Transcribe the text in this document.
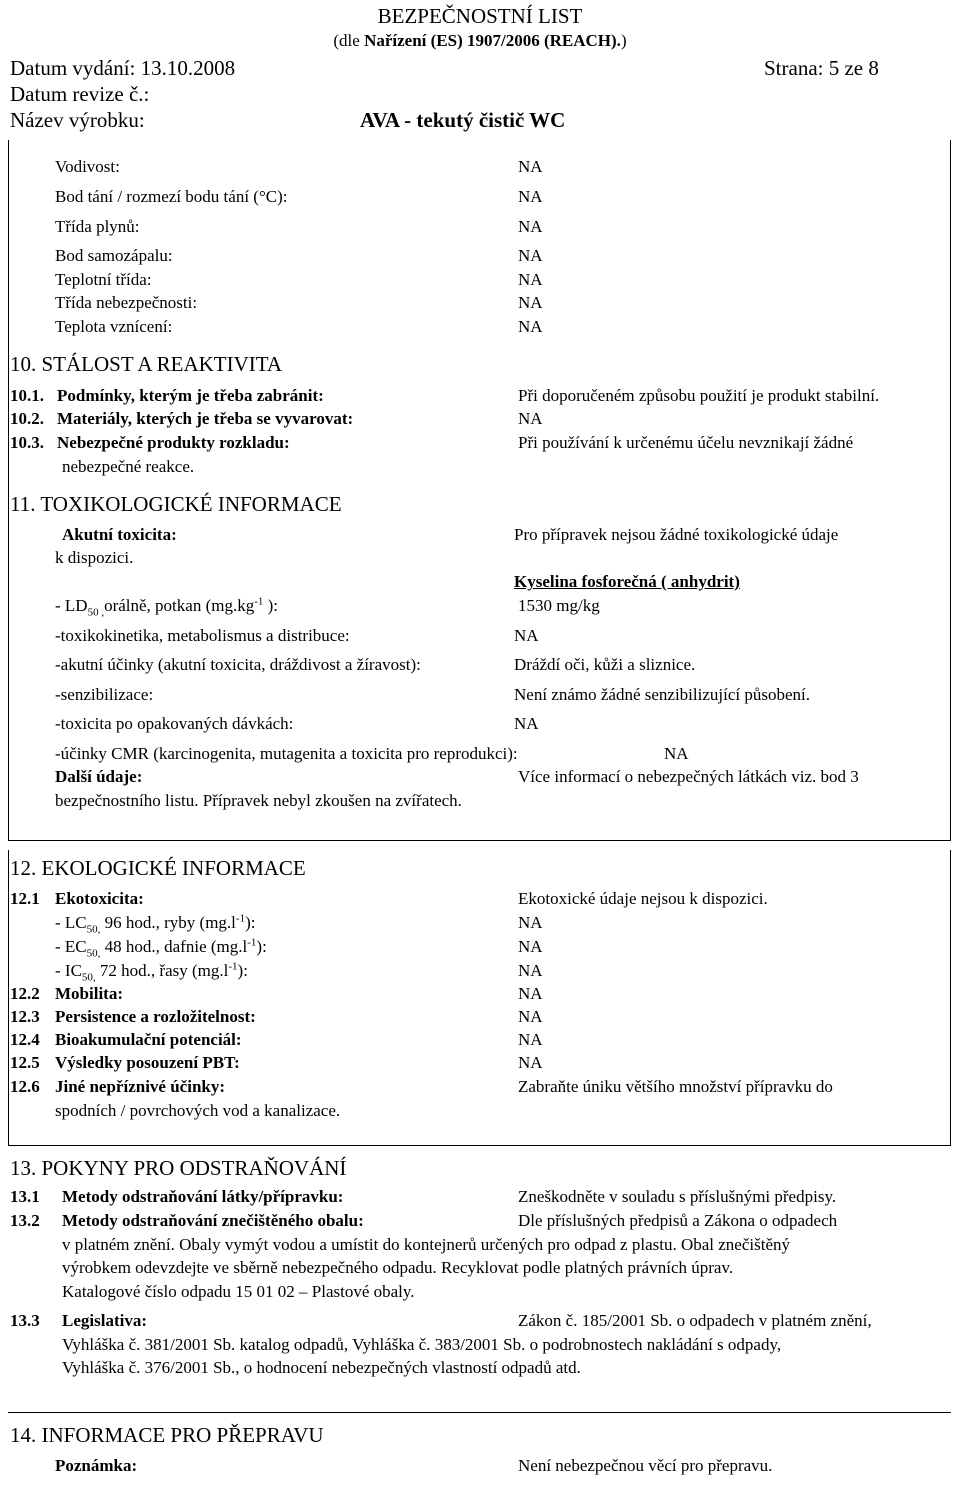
BEZPEČNOSTNÍ LIST
(dle Nařízení (ES) 1907/2006 (REACH).)
Datum vydání: 13.10.2008	Strana: 5 ze 8
Datum revize č.:
Název výrobku:	AVA - tekutý čistič WC
Vodivost:	NA
Bod tání / rozmezí bodu tání (°C):	NA
Třída plynů:	NA
Bod samozápalu:	NA
Teplotní třída:	NA
Třída nebezpečnosti:	NA
Teplota vznícení:	NA
10. STÁLOST A REAKTIVITA
10.1. Podmínky, kterým je třeba zabránit:	Při doporučeném způsobu použití je produkt stabilní.
10.2. Materiály, kterých je třeba se vyvarovat:	NA
10.3. Nebezpečné produkty rozkladu:	Při používání k určenému účelu nevznikají žádné
nebezpečné reakce.
11. TOXIKOLOGICKÉ INFORMACE
Akutní toxicita:	Pro přípravek nejsou žádné toxikologické údaje
k dispozici.
Kyselina fosforečná ( anhydrit)
- $LD_{50 ,}orá\ln ě$, potkan ($mg.kg^{-1}$ ):	1530 mg/kg
-toxikokinetika, metabolismus a distribuce:	NA
-akutní účinky (akutní toxicita, dráždivost a žíravost):	Dráždí oči, kůži a sliznice.
-senzibilizace:	Není známo žádné senzibilizující působení.
-toxicita po opakovaných dávkách:	NA
-účinky CMR (karcinogenita, mutagenita a toxicita pro reprodukci):	NA
Další údaje:	Více informací o nebezpečných látkách viz. bod 3
bezpečnostního listu. Přípravek nebyl zkoušen na zvířatech.
12. EKOLOGICKÉ INFORMACE
12.1 Ekotoxicita:	Ekotoxické údaje nejsou k dispozici.
- $LC_{50,}$ 96 hod., ryby $(mg.l^{-1})$:	NA
- $EC_{50,}$ 48 hod., dafnie $(mg.l^{-1})$:	NA
- $IC_{50,}$ 72 hod., řasy $(mg.l^{-1})$:	NA
12.2 Mobilita:	NA
12.3 Persistence a rozložitelnost:	NA
12.4 Bioakumulační potenciál:	NA
12.5 Výsledky posouzení PBT:	NA
12.6 Jiné nepříznivé účinky:	Zabraňte úniku většího množství přípravku do
spodních / povrchových vod a kanalizace.
13. POKYNY PRO ODSTRAŇOVÁNÍ
13.1 Metody odstraňování látky/přípravku:	Zneškodněte v souladu s příslušnými předpisy.
13.2 Metody odstraňování znečištěného obalu:	Dle příslušných předpisů a Zákona o odpadech
v platném znění. Obaly vymýt vodou a umístit do kontejnerů určených pro odpad z plastu. Obal znečištěný
výrobkem odevzdejte ve sběrně nebezpečného odpadu. Recyklovat podle platných právních úprav.
Katalogové číslo odpadu 15 01 02 – Plastové obaly.
13.3 Legislativa:	Zákon č. 185/2001 Sb. o odpadech v platném znění,
Vyhláška č. 381/2001 Sb. katalog odpadů, Vyhláška č. 383/2001 Sb. o podrobnostech nakládání s odpady,
Vyhláška č. 376/2001 Sb., o hodnocení nebezpečných vlastností odpadů atd.
14. INFORMACE PRO PŘEPRAVU
Poznámka:	Není nebezpečnou věcí pro přepravu.
